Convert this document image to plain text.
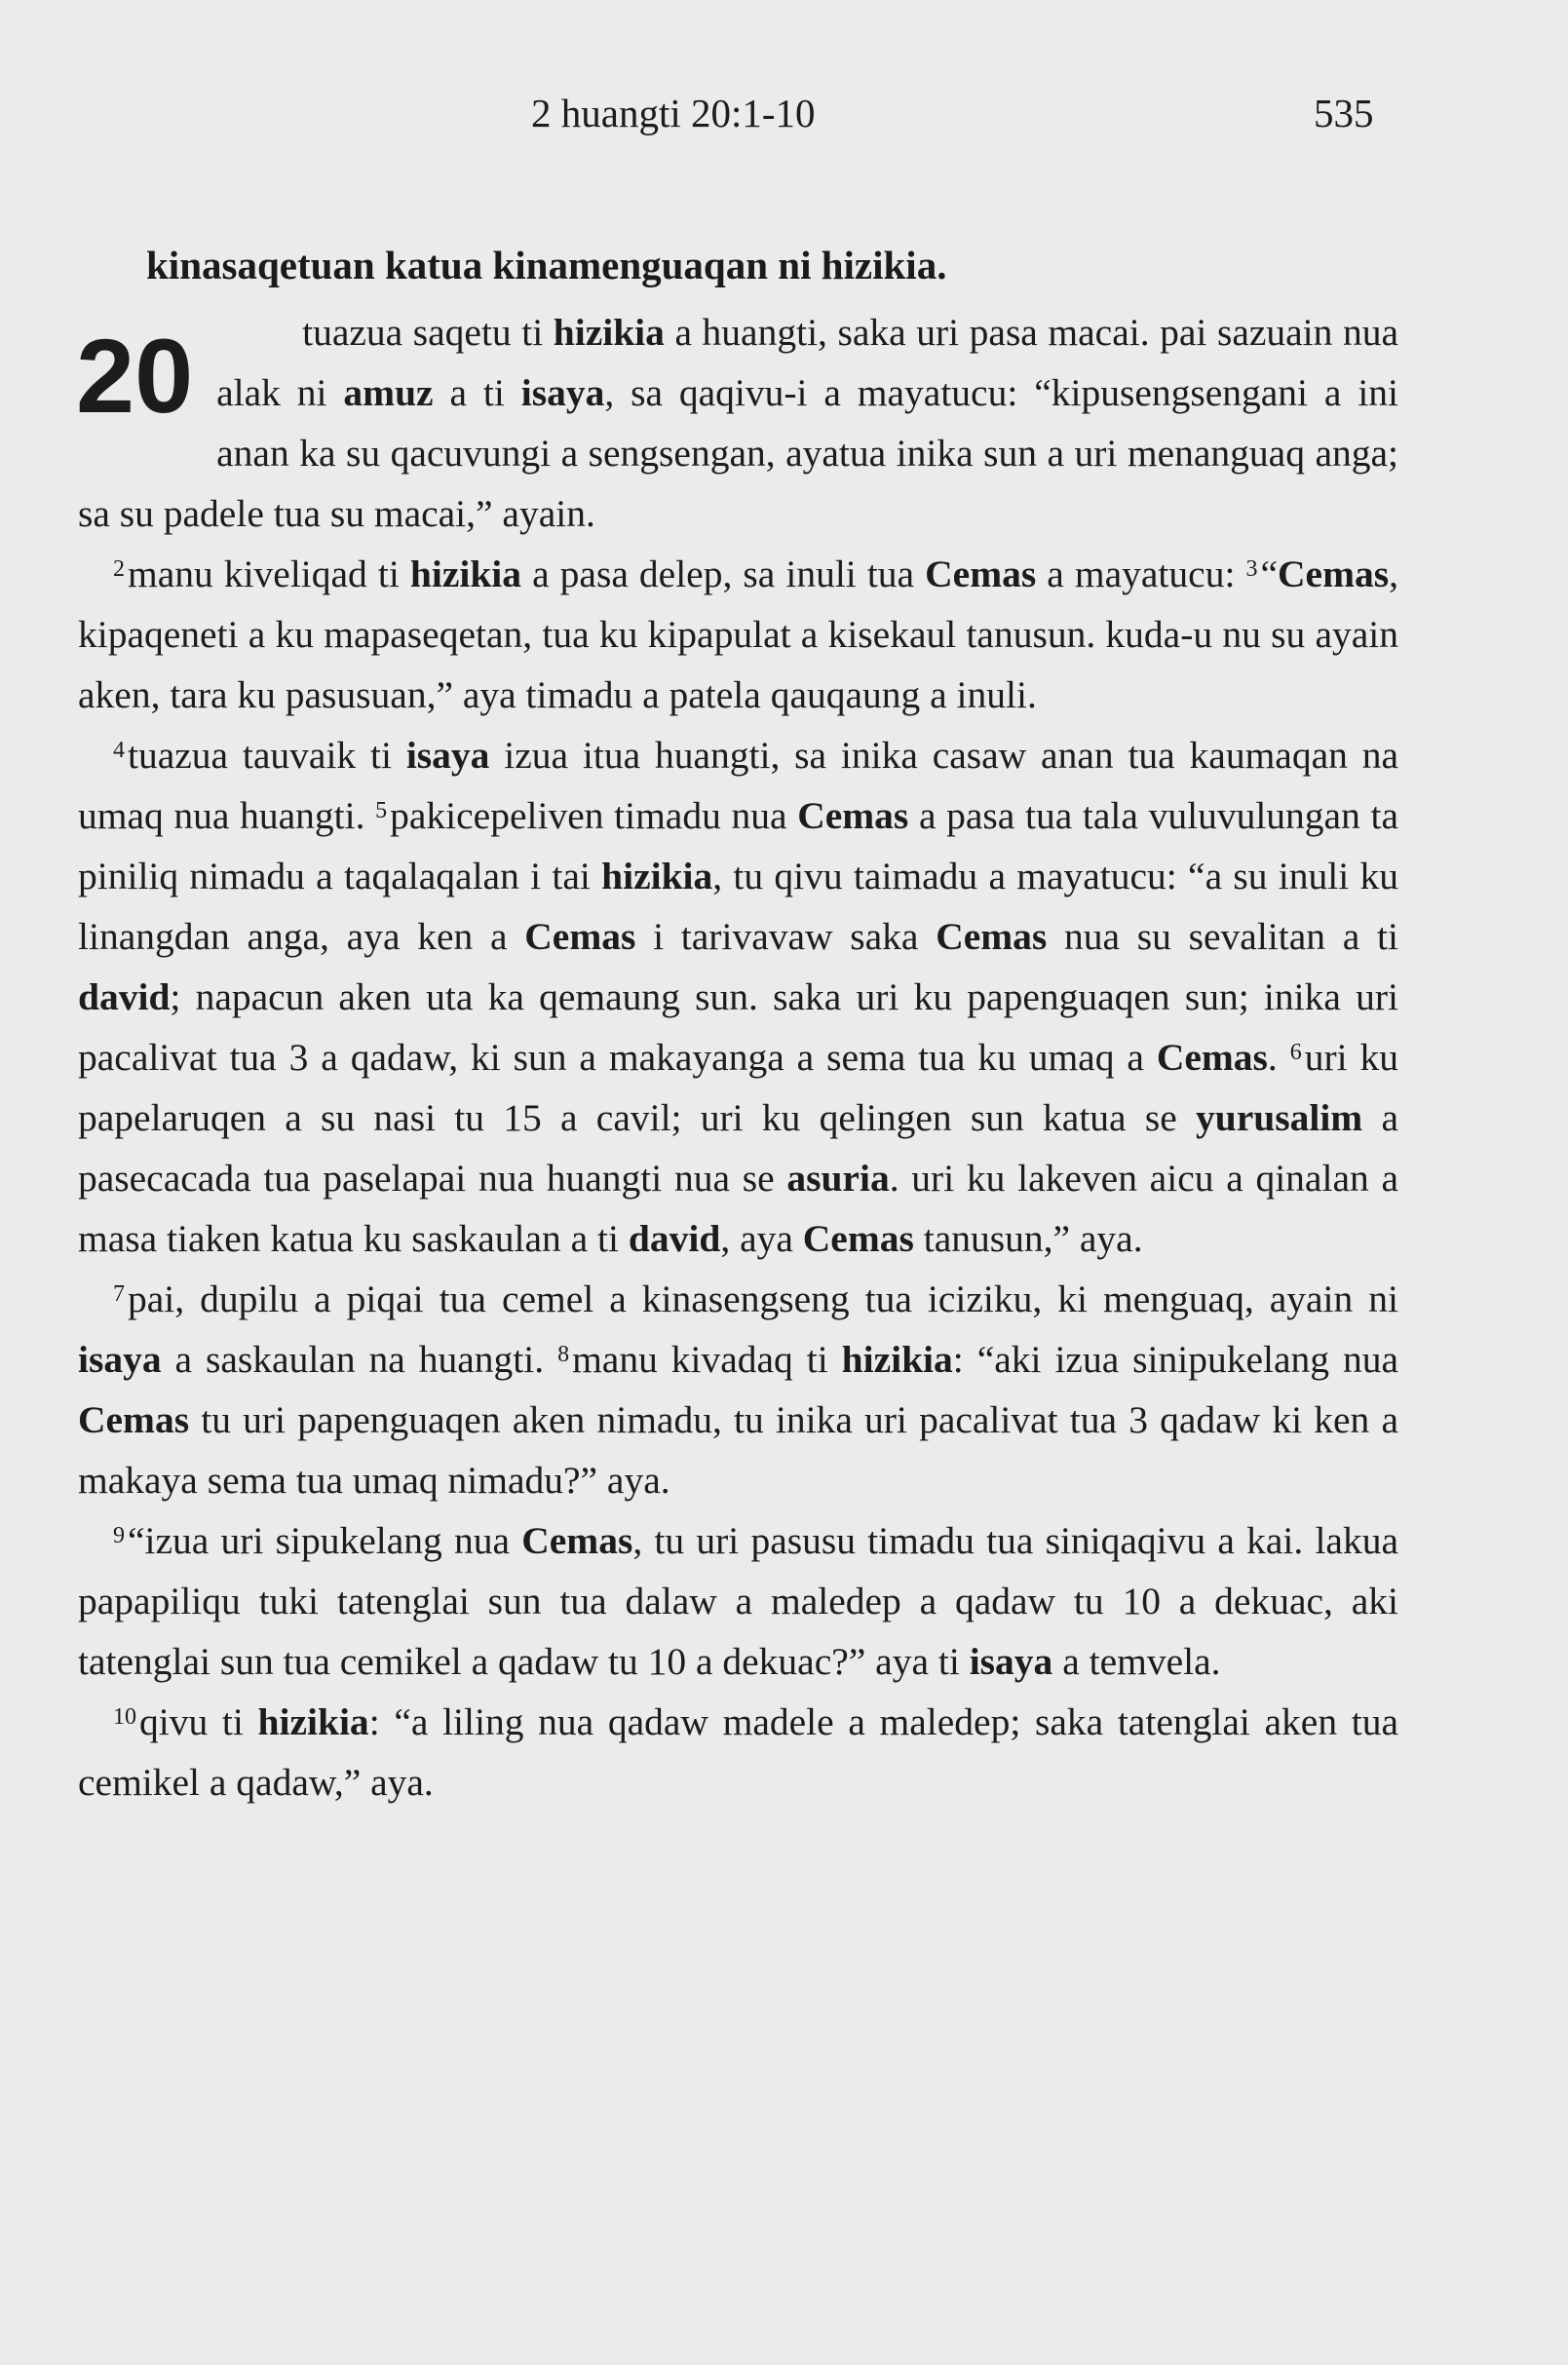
2 huangti 20:1-10	535
kinasaqetuan katua kinamenguaqan ni hizikia.
20	tuazua saqetu ti hizikia a huangti, saka uri pasa macai. pai sazuain nua alak ni amuz a ti isaya, sa qaqivu-i a mayatucu: “kipusengsengani a ini anan ka su qacuvungi a sengsengan, ayatua inika sun a uri menanguaq anga; sa su padele tua su macai,” ayain.

$^2$manu kiveliqad ti hizikia a pasa delep, sa inuli tua Cemas a mayatucu: $^3$“Cemas, kipaqeneti a ku mapaseqetan, tua ku kipapulat a kisekaul tanusun. kuda-u nu su ayain aken, tara ku pasusuan,” aya timadu a patela qauqaung a inuli.

$^4$tuazua tauvaik ti isaya izua itua huangti, sa inika casaw anan tua kaumaqan na umaq nua huangti. $^5$pakicepeliven timadu nua Cemas a pasa tua tala vuluvulungan ta piniliq nimadu a taqalaqalan i tai hizikia, tu qivu taimadu a mayatucu: “a su inuli ku linangdan anga, aya ken a Cemas i tarivavaw saka Cemas nua su sevalitan a ti david; napacun aken uta ka qemaung sun. saka uri ku papenguaqen sun; inika uri pacalivat tua 3 a qadaw, ki sun a makayanga a sema tua ku umaq a Cemas. $^6$uri ku papelaruqen a su nasi tu 15 a cavil; uri ku qelingen sun katua se yurusalim a pasecacada tua paselapai nua huangti nua se asuria. uri ku lakeven aicu a qinalan a masa tiaken katua ku saskaulan a ti david, aya Cemas tanusun,” aya.

$^7$pai, dupilu a piqai tua cemel a kinasengseng tua iciziku, ki menguaq, ayain ni isaya a saskaulan na huangti. $^8$manu kivadaq ti hizikia: “aki izua sinipukelang nua Cemas tu uri papenguaqen aken nimadu, tu inika uri pacalivat tua 3 qadaw ki ken a makaya sema tua umaq nimadu?” aya.

$^9$“izua uri sipukelang nua Cemas, tu uri pasusu timadu tua siniqaqivu a kai. lakua papapiliqu tuki tatenglai sun tua dalaw a maledep a qadaw tu 10 a dekuac, aki tatenglai sun tua cemikel a qadaw tu 10 a dekuac?” aya ti isaya a temvela.

$^{10}$qivu ti hizikia: “a liling nua qadaw madele a maledep; saka tatenglai aken tua cemikel a qadaw,” aya.
